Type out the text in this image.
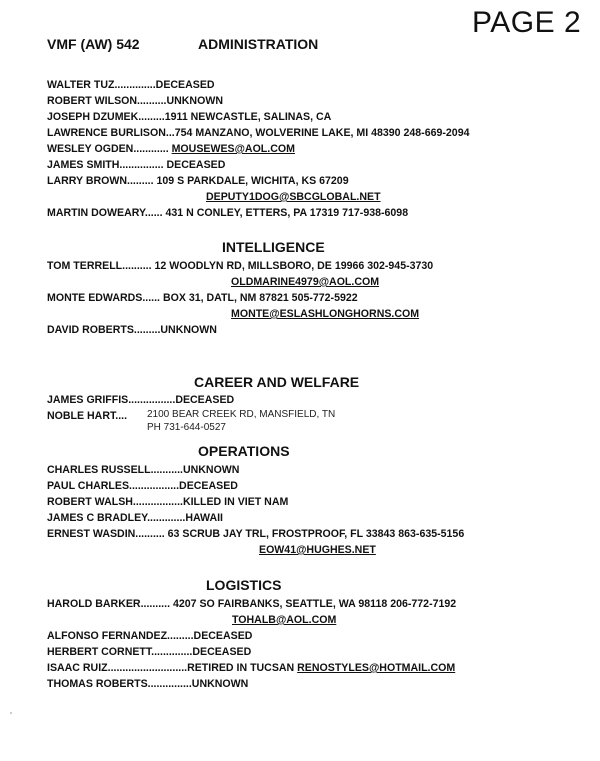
PAGE 2
VMF (AW) 542	ADMINISTRATION
WALTER TUZ..............DECEASED
ROBERT WILSON..........UNKNOWN
JOSEPH DZUMEK.........1911 NEWCASTLE, SALINAS, CA
LAWRENCE BURLISON...754 MANZANO, WOLVERINE LAKE, MI 48390 248-669-2094
WESLEY OGDEN............ MOUSEWES@AOL.COM
JAMES SMITH............... DECEASED
LARRY BROWN......... 109 S PARKDALE, WICHITA, KS 67209
DEPUTY1DOG@SBCGLOBAL.NET
MARTIN DOWEARY...... 431 N CONLEY, ETTERS, PA 17319 717-938-6098
INTELLIGENCE
TOM TERRELL.......... 12 WOODLYN RD, MILLSBORO, DE 19966 302-945-3730
OLDMARINE4979@AOL.COM
MONTE EDWARDS...... BOX 31, DATL, NM 87821 505-772-5922
MONTE@ESLASHLONGHORNS.COM
DAVID ROBERTS.........UNKNOWN
CAREER AND WELFARE
JAMES GRIFFIS................DECEASED
NOBLE HART.... 2100 BEAR CREEK RD, MANSFIELD, TN
PH 731-644-0527
OPERATIONS
CHARLES RUSSELL...........UNKNOWN
PAUL CHARLES.................DECEASED
ROBERT WALSH.................KILLED IN VIET NAM
JAMES C BRADLEY.............HAWAII
ERNEST WASDIN.......... 63 SCRUB JAY TRL, FROSTPROOF, FL 33843 863-635-5156
EOW41@HUGHES.NET
LOGISTICS
HAROLD BARKER.......... 4207 SO FAIRBANKS, SEATTLE, WA 98118 206-772-7192
TOHALB@AOL.COM
ALFONSO FERNANDEZ.........DECEASED
HERBERT CORNETT..............DECEASED
ISAAC RUIZ...........................RETIRED IN TUCSAN RENOSTYLES@HOTMAIL.COM
THOMAS ROBERTS...............UNKNOWN
